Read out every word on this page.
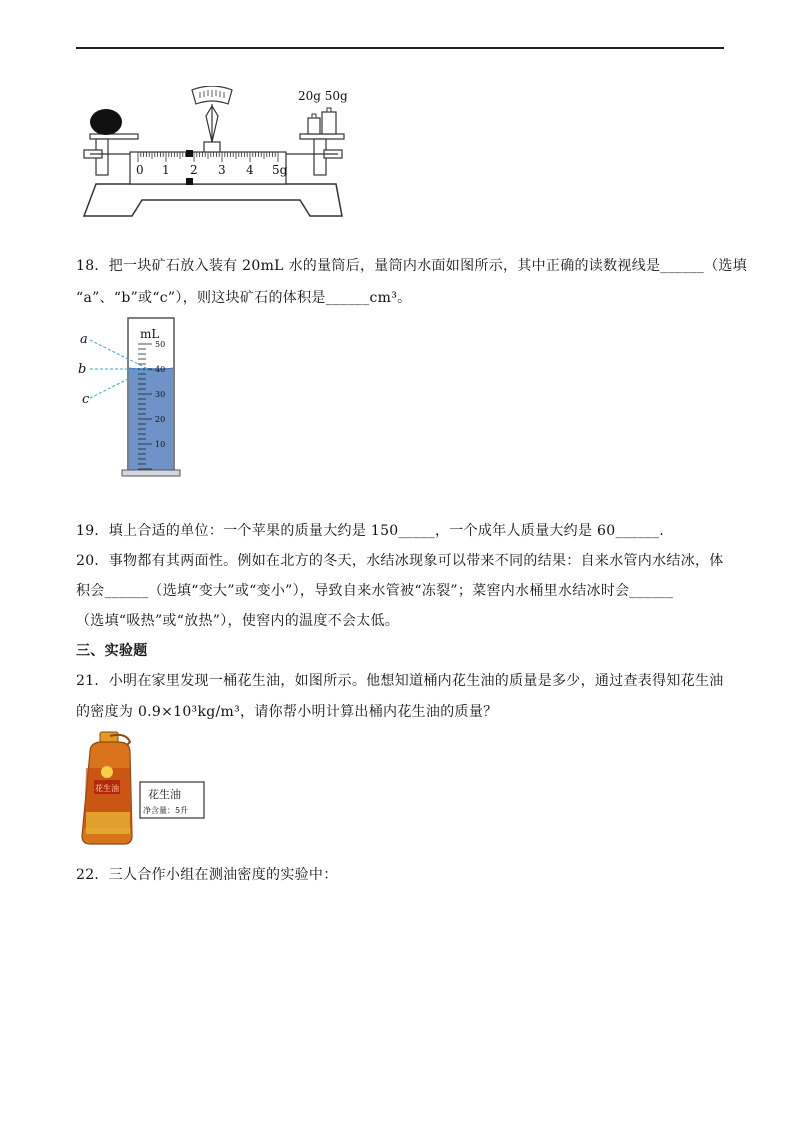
20g 50g
0 1 2 3 4 5g
18．把一块矿石放入装有 20mL 水的量筒后，量筒内水面如图所示，其中正确的读数视线是______（选填
“a”、“b”或“c”），则这块矿石的体积是______cm³。
mL
50
40
30
20
10
a
b
c
19．填上合适的单位：一个苹果的质量大约是 150_____，一个成年人质量大约是 60______.
20．事物都有其两面性。例如在北方的冬天，水结冰现象可以带来不同的结果：自来水管内水结冰，体
积会______（选填“变大”或“变小”），导致自来水管被“冻裂”；菜窖内水桶里水结冰时会______
（选填“吸热”或“放热”），使窖内的温度不会太低。
三、实验题
21．小明在家里发现一桶花生油，如图所示。他想知道桶内花生油的质量是多少，通过查表得知花生油
的密度为 0.9×10³kg/m³，请你帮小明计算出桶内花生油的质量？
花生油	花生油
净含量：5升
22．三人合作小组在测油密度的实验中：
